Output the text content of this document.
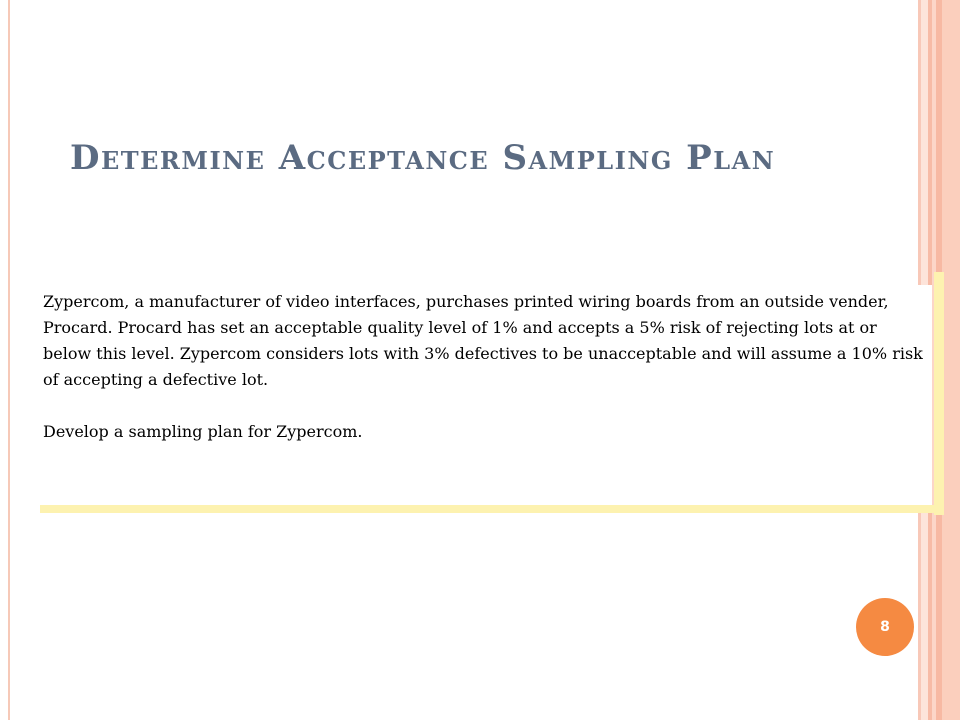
Determine Acceptance Sampling Plan

Zypercom, a manufacturer of video interfaces, purchases printed wiring boards from an outside vender, Procard. Procard has set an acceptable quality level of 1% and accepts a 5% risk of rejecting lots at or below this level. Zypercom considers lots with 3% defectives to be unacceptable and will assume a 10% risk of accepting a defective lot.

Develop a sampling plan for Zypercom.

8
